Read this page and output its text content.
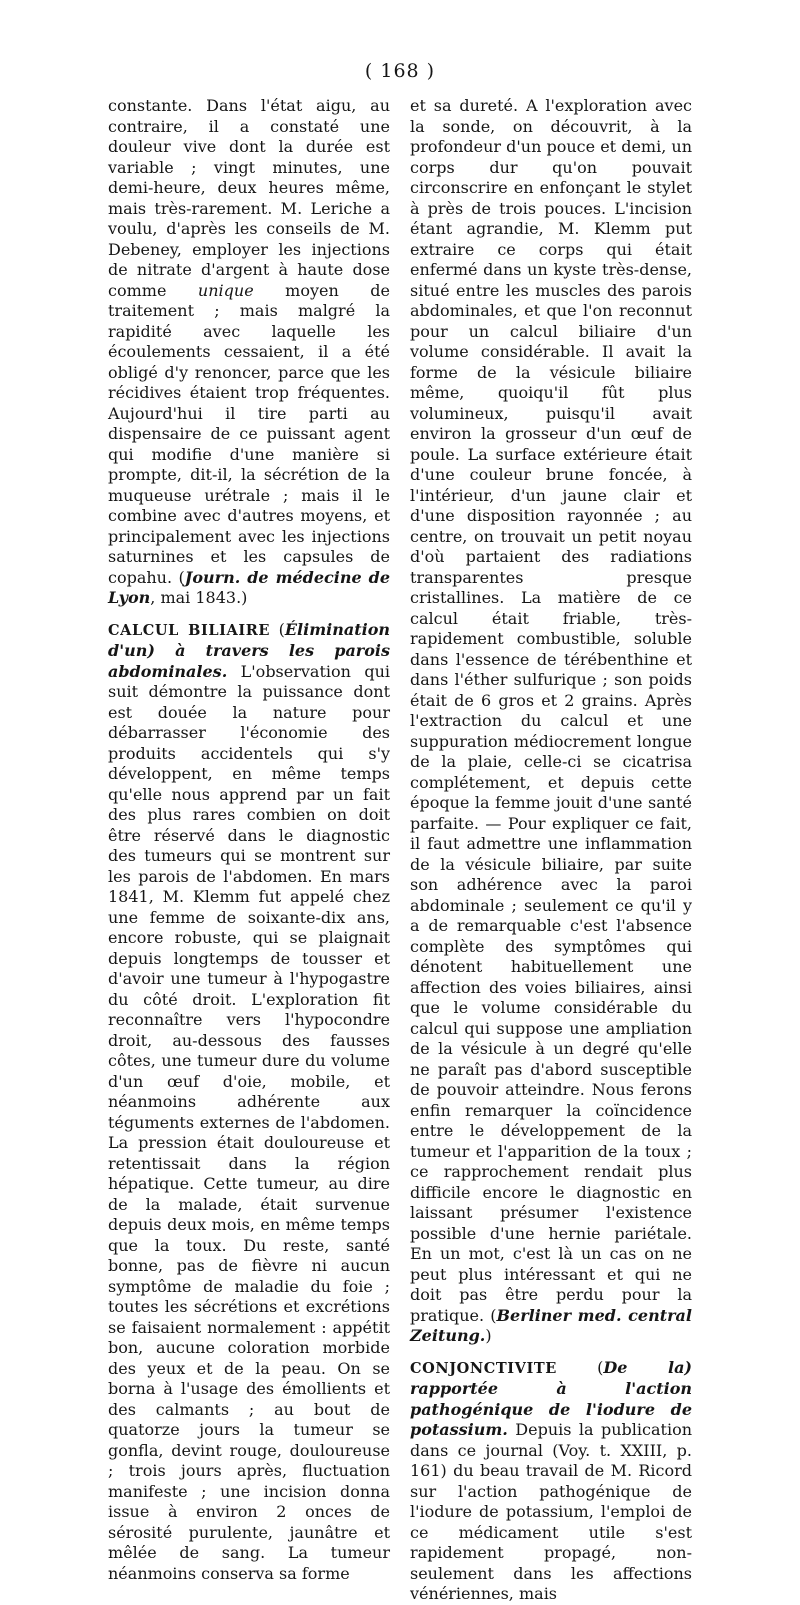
( 168 )

constante. Dans l'état aigu, au contraire, il a constaté une douleur vive dont la durée est variable ; vingt minutes, une demi-heure, deux heures même, mais très-rarement. M. Leriche a voulu, d'après les conseils de M. Debeney, employer les injections de nitrate d'argent à haute dose comme unique moyen de traitement ; mais malgré la rapidité avec laquelle les écoulements cessaient, il a été obligé d'y renoncer, parce que les récidives étaient trop fréquentes. Aujourd'hui il tire parti au dispensaire de ce puissant agent qui modifie d'une manière si prompte, dit-il, la sécrétion de la muqueuse urétrale ; mais il le combine avec d'autres moyens, et principalement avec les injections saturnines et les capsules de copahu. (Journ. de médecine de Lyon, mai 1843.)

CALCUL BILIAIRE (Élimination d'un) à travers les parois abdominales. L'observation qui suit démontre la puissance dont est douée la nature pour débarrasser l'économie des produits accidentels qui s'y développent, en même temps qu'elle nous apprend par un fait des plus rares combien on doit être réservé dans le diagnostic des tumeurs qui se montrent sur les parois de l'abdomen. En mars 1841, M. Klemm fut appelé chez une femme de soixante-dix ans, encore robuste, qui se plaignait depuis longtemps de tousser et d'avoir une tumeur à l'hypogastre du côté droit. L'exploration fit reconnaître vers l'hypocondre droit, au-dessous des fausses côtes, une tumeur dure du volume d'un œuf d'oie, mobile, et néanmoins adhérente aux téguments externes de l'abdomen. La pression était douloureuse et retentissait dans la région hépatique. Cette tumeur, au dire de la malade, était survenue depuis deux mois, en même temps que la toux. Du reste, santé bonne, pas de fièvre ni aucun symptôme de maladie du foie ; toutes les sécrétions et excrétions se faisaient normalement : appétit bon, aucune coloration morbide des yeux et de la peau. On se borna à l'usage des émollients et des calmants ; au bout de quatorze jours la tumeur se gonfla, devint rouge, douloureuse ; trois jours après, fluctuation manifeste ; une incision donna issue à environ 2 onces de sérosité purulente, jaunâtre et mêlée de sang. La tumeur néanmoins conserva sa forme

et sa dureté. A l'exploration avec la sonde, on découvrit, à la profondeur d'un pouce et demi, un corps dur qu'on pouvait circonscrire en enfonçant le stylet à près de trois pouces. L'incision étant agrandie, M. Klemm put extraire ce corps qui était enfermé dans un kyste très-dense, situé entre les muscles des parois abdominales, et que l'on reconnut pour un calcul biliaire d'un volume considérable. Il avait la forme de la vésicule biliaire même, quoiqu'il fût plus volumineux, puisqu'il avait environ la grosseur d'un œuf de poule. La surface extérieure était d'une couleur brune foncée, à l'intérieur, d'un jaune clair et d'une disposition rayonnée ; au centre, on trouvait un petit noyau d'où partaient des radiations transparentes presque cristallines. La matière de ce calcul était friable, très-rapidement combustible, soluble dans l'essence de térébenthine et dans l'éther sulfurique ; son poids était de 6 gros et 2 grains. Après l'extraction du calcul et une suppuration médiocrement longue de la plaie, celle-ci se cicatrisa complétement, et depuis cette époque la femme jouit d'une santé parfaite. — Pour expliquer ce fait, il faut admettre une inflammation de la vésicule biliaire, par suite son adhérence avec la paroi abdominale ; seulement ce qu'il y a de remarquable c'est l'absence complète des symptômes qui dénotent habituellement une affection des voies biliaires, ainsi que le volume considérable du calcul qui suppose une ampliation de la vésicule à un degré qu'elle ne paraît pas d'abord susceptible de pouvoir atteindre. Nous ferons enfin remarquer la coïncidence entre le développement de la tumeur et l'apparition de la toux ; ce rapprochement rendait plus difficile encore le diagnostic en laissant présumer l'existence possible d'une hernie pariétale. En un mot, c'est là un cas on ne peut plus intéressant et qui ne doit pas être perdu pour la pratique. (Berliner med. central Zeitung.)

CONJONCTIVITE (De la) rapportée à l'action pathogénique de l'iodure de potassium. Depuis la publication dans ce journal (Voy. t. XXIII, p. 161) du beau travail de M. Ricord sur l'action pathogénique de l'iodure de potassium, l'emploi de ce médicament utile s'est rapidement propagé, non-seulement dans les affections vénériennes, mais
